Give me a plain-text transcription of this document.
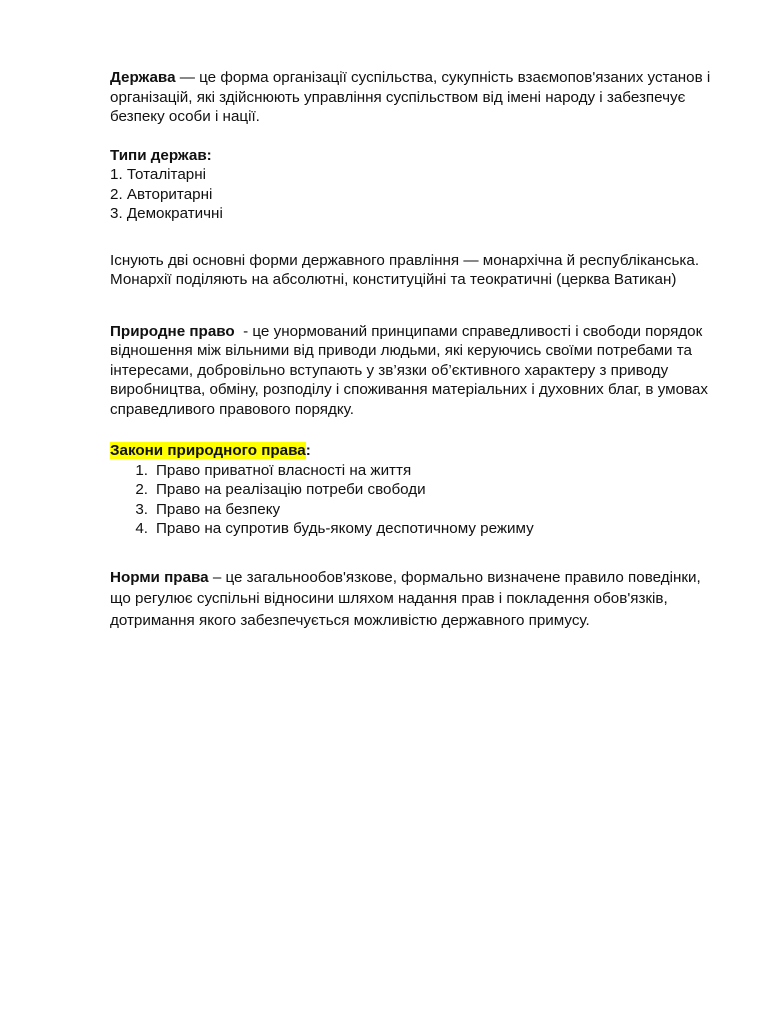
Держава — це форма організації суспільства, сукупність взаємопов'язаних установ і організацій, які здійснюють управління суспільством від імені народу і забезпечує безпеку особи і нації.

Типи держав:

1. Тоталітарні

2. Авторитарні

3. Демократичні

Існують дві основні форми державного правління — монархічна й республіканська.

Монархії поділяють на абсолютні, конституційні та теократичні (церква Ватикан)

Природне право  - це унормований принципами справедливості і свободи порядок відношення між вільними від приводи людьми, які керуючись своїми потребами та інтересами, добровільно вступають у зв’язки об’єктивного характеру з приводу виробництва, обміну, розподілу і споживання матеріальних і духовних благ, в умовах справедливого правового порядку.

Закони природного права:

1. Право приватної власності на життя
2. Право на реалізацію потреби свободи
3. Право на безпеку
4. Право на супротив будь-якому деспотичному режиму

Норми права – це загальнообов'язкове, формально визначене правило поведінки, що регулює суспільні відносини шляхом надання прав і покладення обов'язків, дотримання якого забезпечується можливістю державного примусу.
